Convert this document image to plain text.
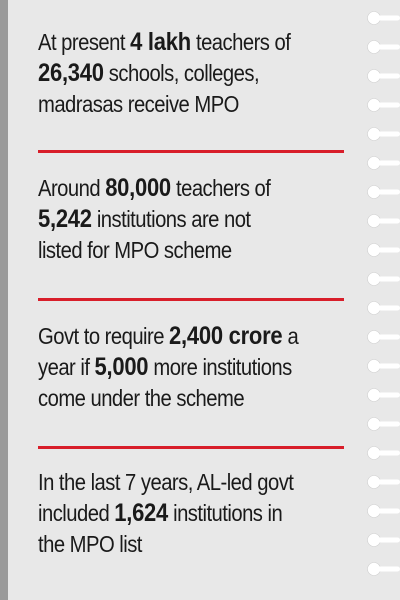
At present 4 lakh teachers of
26,340 schools, colleges,
madrasas receive MPO
Around 80,000 teachers of
5,242 institutions are not
listed for MPO scheme
Govt to require 2,400 crore a
year if 5,000 more institutions
come under the scheme
In the last 7 years, AL-led govt
included 1,624 institutions in
the MPO list
